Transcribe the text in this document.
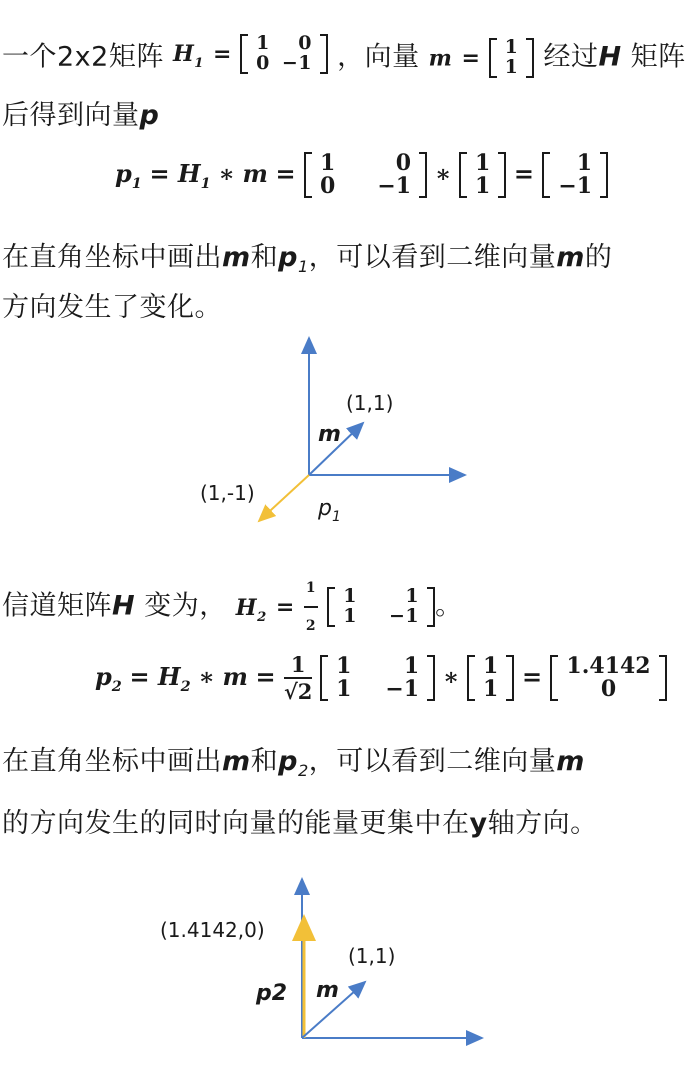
一个2x2矩阵 $H_1 = 1$	0
0	−1 ，向量 m = 1
1 经过H 矩阵
后得到向量p
$p_1 = H_1$ ∗ m = 1	0
0	−1 ∗ 1
1 = 1
−1
在直角坐标中画出m和$p_1$，可以看到二维向量m的
方向发生了变化。
(1,1)
m
(1,-1)
$p_1$
信道矩阵H 变为， $H_2 = \frac{1}{2}$
1	1
1	−1 。
$p_2 = H_2$ ∗ $m = \frac{1}{√2}$
1	1
1	−1 ∗ 1
1 = 1.4142
0
在直角坐标中画出m和$p_2$，可以看到二维向量m
的方向发生的同时向量的能量更集中在y轴方向。
(1.4142,0)
(1,1)
p2 m
